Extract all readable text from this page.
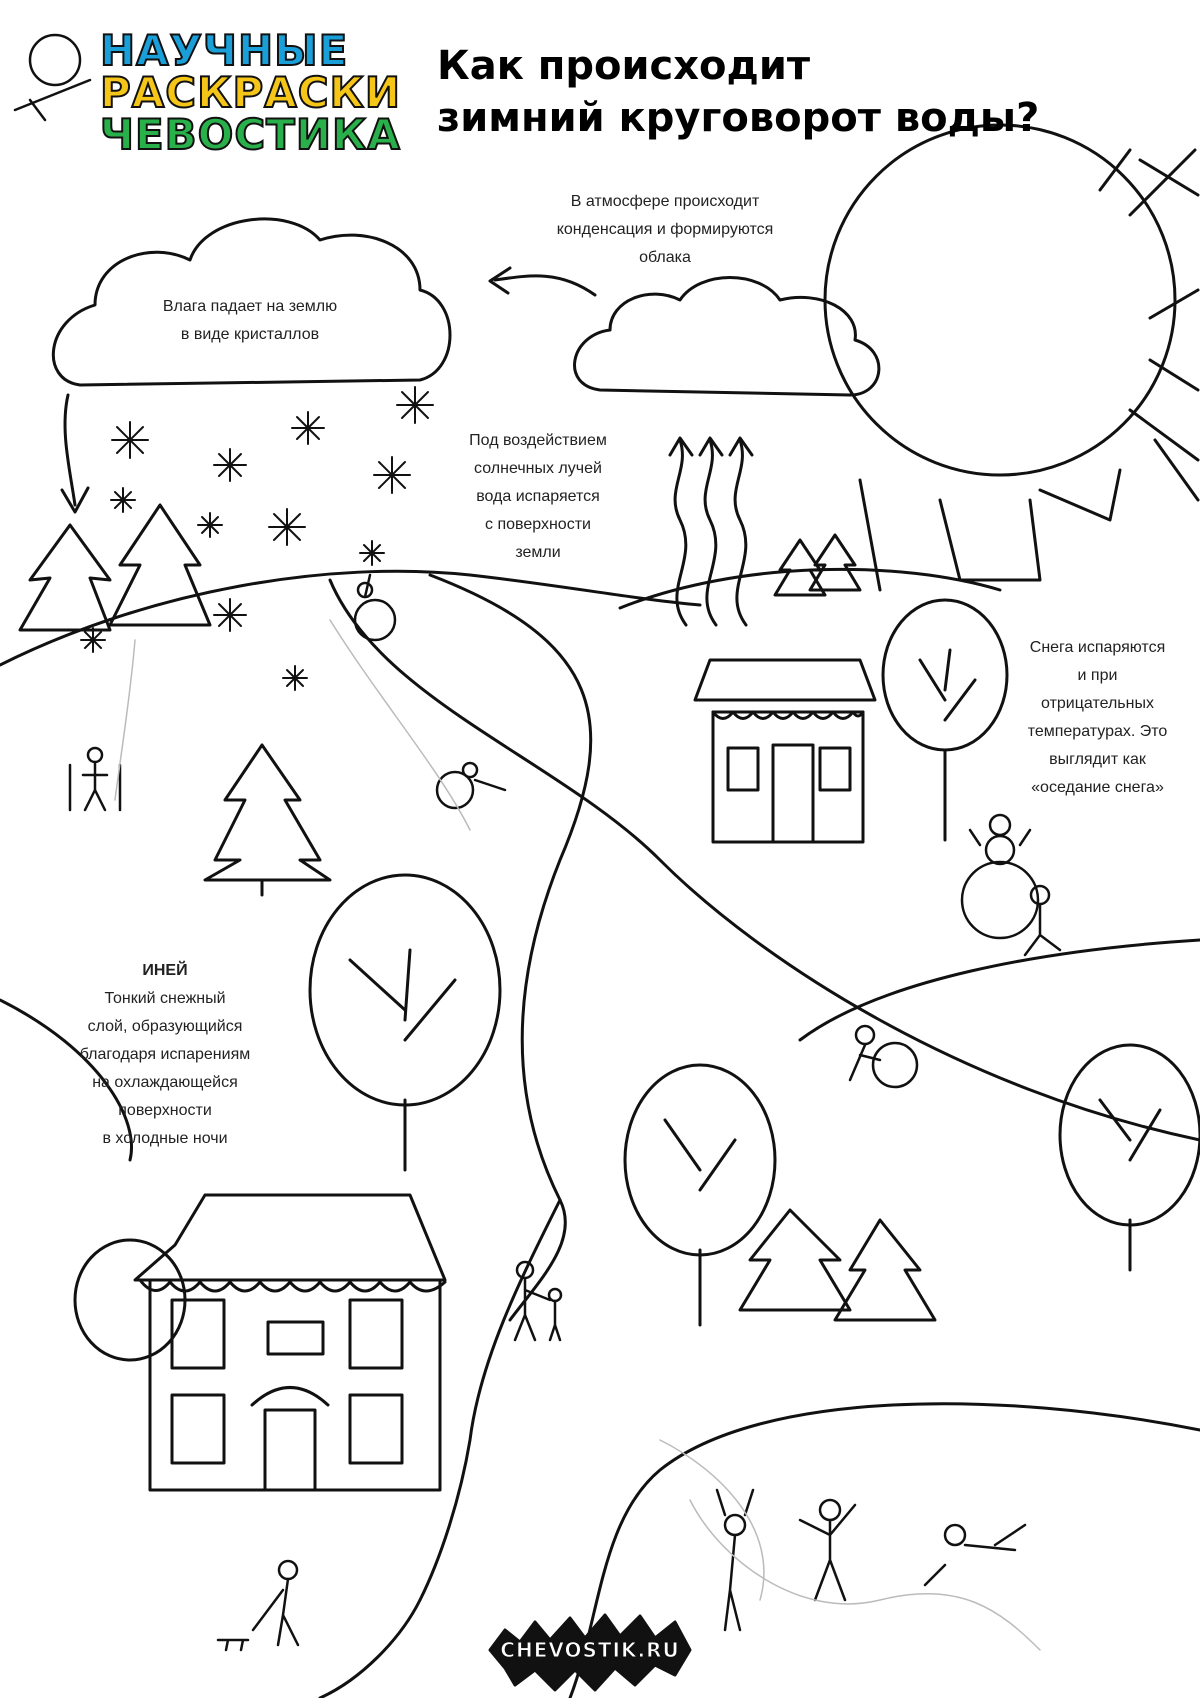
НАУЧНЫЕ
РАСКРАСКИ
ЧЕВОСТИКА
Как происходит
зимний круговорот воды?
Влага падает на землю
в виде кристаллов
В атмосфере происходит
конденсация и формируются
облака
Под воздействием
солнечных лучей
вода испаряется
с поверхности
земли
Снега испаряются
и при
отрицательных
температурах. Это
выглядит как
«оседание снега»
ИНЕЙ
Тонкий снежный
слой, образующийся
благодаря испарениям
на охлаждающейся
поверхности
в холодные ночи
CHEVOSTIK.RU
